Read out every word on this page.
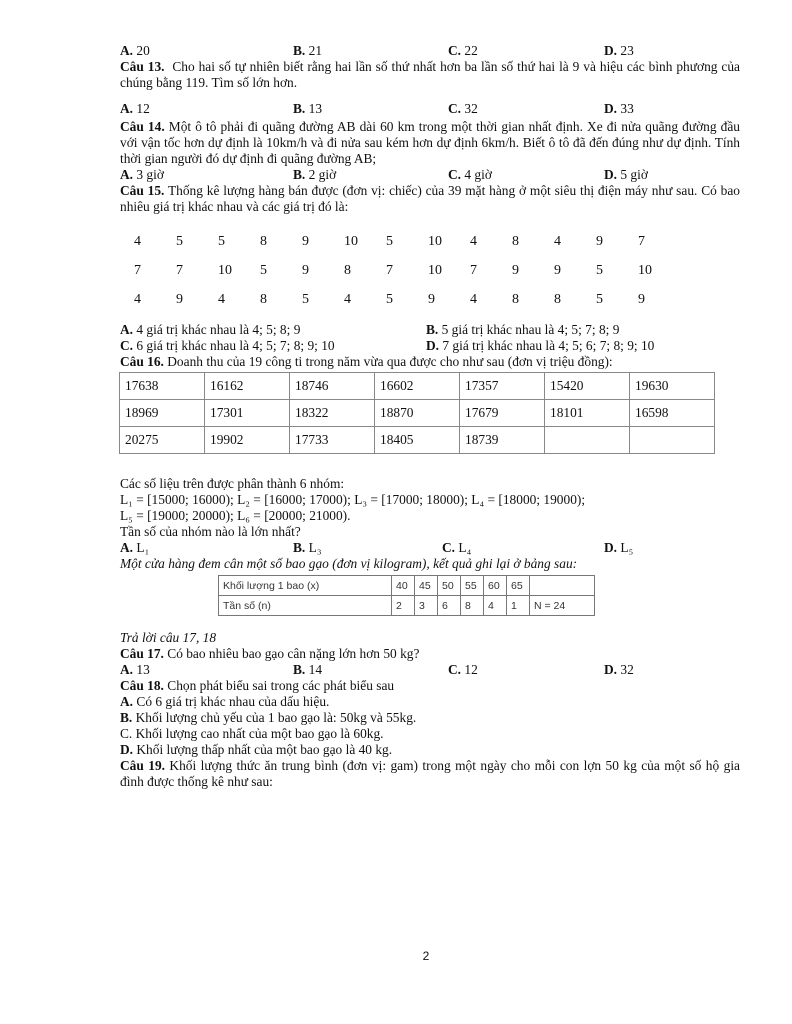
A. 20	B. 21	C. 22	D. 23

Câu 13. Cho hai số tự nhiên biết rằng hai lần số thứ nhất hơn ba lần số thứ hai là 9 và hiệu các bình phương của chúng bằng 119. Tìm số lớn hơn.

A. 12	B. 13	C. 32	D. 33

Câu 14. Một ô tô phải đi quãng đường AB dài 60 km trong một thời gian nhất định. Xe đi nửa quãng đường đầu với vận tốc hơn dự định là 10km/h và đi nửa sau kém hơn dự định 6km/h. Biết ô tô đã đến đúng như dự định. Tính thời gian người đó dự định đi quãng đường AB;

A. 3 giờ	B. 2 giờ	C. 4 giờ	D. 5 giờ

Câu 15. Thống kê lượng hàng bán được (đơn vị: chiếc) của 39 mặt hàng ở một siêu thị điện máy như sau. Có bao nhiêu giá trị khác nhau và các giá trị đó là:

4	5	5	8	9	10	5	10	4	8	4	9	7
7	7	10	5	9	8	7	10	7	9	9	5	10
4	9	4	8	5	4	5	9	4	8	8	5	9
A. 4 giá trị khác nhau là 4; 5; 8; 9	B. 5 giá trị khác nhau là 4; 5; 7; 8; 9
C. 6 giá trị khác nhau là 4; 5; 7; 8; 9; 10	D. 7 giá trị khác nhau là 4; 5; 6; 7; 8; 9; 10

Câu 16. Doanh thu của 19 công ti trong năm vừa qua được cho như sau (đơn vị triệu đồng):

17638	16162	18746	16602	17357	15420	19630
18969	17301	18322	18870	17679	18101	16598
20275	19902	17733	18405	18739		

Các số liệu trên được phân thành 6 nhóm:

L₁ = [15000; 16000); L₂ = [16000; 17000); L₃ = [17000; 18000); L₄ = [18000; 19000);

L₅ = [19000; 20000); L₆ = [20000; 21000).

Tần số của nhóm nào là lớn nhất?

A. L₁	B. L₃	C. L₄	D. L₅

Một cửa hàng đem cân một số bao gạo (đơn vị kilogram), kết quả ghi lại ở bảng sau:

Khối lượng 1 bao (x)	40	45	50	55	60	65	
Tần số (n)	2	3	6	8	4	1	N = 24

Trả lời câu 17, 18

Câu 17. Có bao nhiêu bao gạo cân nặng lớn hơn 50 kg?

A. 13	B. 14	C. 12	D. 32

Câu 18. Chọn phát biểu sai trong các phát biểu sau

A. Có 6 giá trị khác nhau của dấu hiệu.

B. Khối lượng chủ yếu của 1 bao gạo là: 50kg và 55kg.

C. Khối lượng cao nhất của một bao gạo là 60kg.

D. Khối lượng thấp nhất của một bao gạo là 40 kg.

Câu 19. Khối lượng thức ăn trung bình (đơn vị: gam) trong một ngày cho mỗi con lợn 50 kg của một số hộ gia đình được thống kê như sau:

2
